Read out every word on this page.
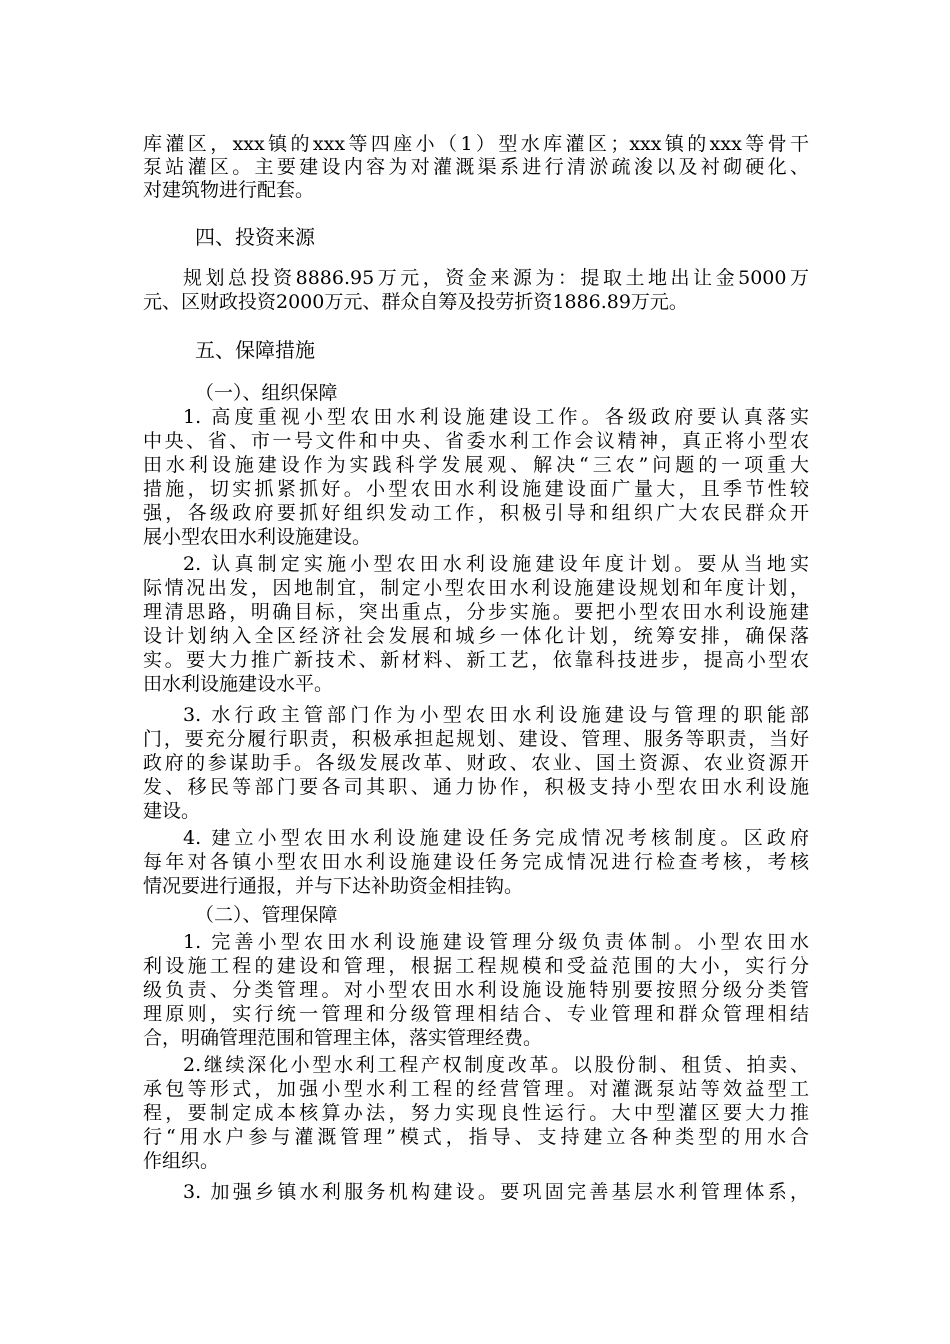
库灌区，xxx镇的xxx等四座小（1）型水库灌区；xxx镇的xxx等骨干
泵站灌区。主要建设内容为对灌溉渠系进行清淤疏浚以及衬砌硬化、
对建筑物进行配套。
四、投资来源
规划总投资8886.95万元，资金来源为：提取土地出让金5000万
元、区财政投资2000万元、群众自筹及投劳折资1886.89万元。
五、保障措施
（一）、组织保障
1. 高度重视小型农田水利设施建设工作。各级政府要认真落实
中央、省、市一号文件和中央、省委水利工作会议精神，真正将小型农
田水利设施建设作为实践科学发展观、解决“三农”问题的一项重大
措施，切实抓紧抓好。小型农田水利设施建设面广量大，且季节性较
强，各级政府要抓好组织发动工作，积极引导和组织广大农民群众开
展小型农田水利设施建设。
2. 认真制定实施小型农田水利设施建设年度计划。要从当地实
际情况出发，因地制宜，制定小型农田水利设施建设规划和年度计划，
理清思路，明确目标，突出重点，分步实施。要把小型农田水利设施建
设计划纳入全区经济社会发展和城乡一体化计划，统筹安排，确保落
实。要大力推广新技术、新材料、新工艺，依靠科技进步，提高小型农
田水利设施建设水平。
3. 水行政主管部门作为小型农田水利设施建设与管理的职能部
门，要充分履行职责，积极承担起规划、建设、管理、服务等职责，当好
政府的参谋助手。各级发展改革、财政、农业、国土资源、农业资源开
发、移民等部门要各司其职、通力协作，积极支持小型农田水利设施
建设。
4. 建立小型农田水利设施建设任务完成情况考核制度。区政府
每年对各镇小型农田水利设施建设任务完成情况进行检查考核，考核
情况要进行通报，并与下达补助资金相挂钩。
（二）、管理保障
1. 完善小型农田水利设施建设管理分级负责体制。小型农田水
利设施工程的建设和管理，根据工程规模和受益范围的大小，实行分
级负责、分类管理。对小型农田水利设施设施特别要按照分级分类管
理原则，实行统一管理和分级管理相结合、专业管理和群众管理相结
合，明确管理范围和管理主体，落实管理经费。
2.继续深化小型水利工程产权制度改革。以股份制、租赁、拍卖、
承包等形式，加强小型水利工程的经营管理。对灌溉泵站等效益型工
程，要制定成本核算办法，努力实现良性运行。大中型灌区要大力推
行“用水户参与灌溉管理”模式，指导、支持建立各种类型的用水合
作组织。
3. 加强乡镇水利服务机构建设。要巩固完善基层水利管理体系，
